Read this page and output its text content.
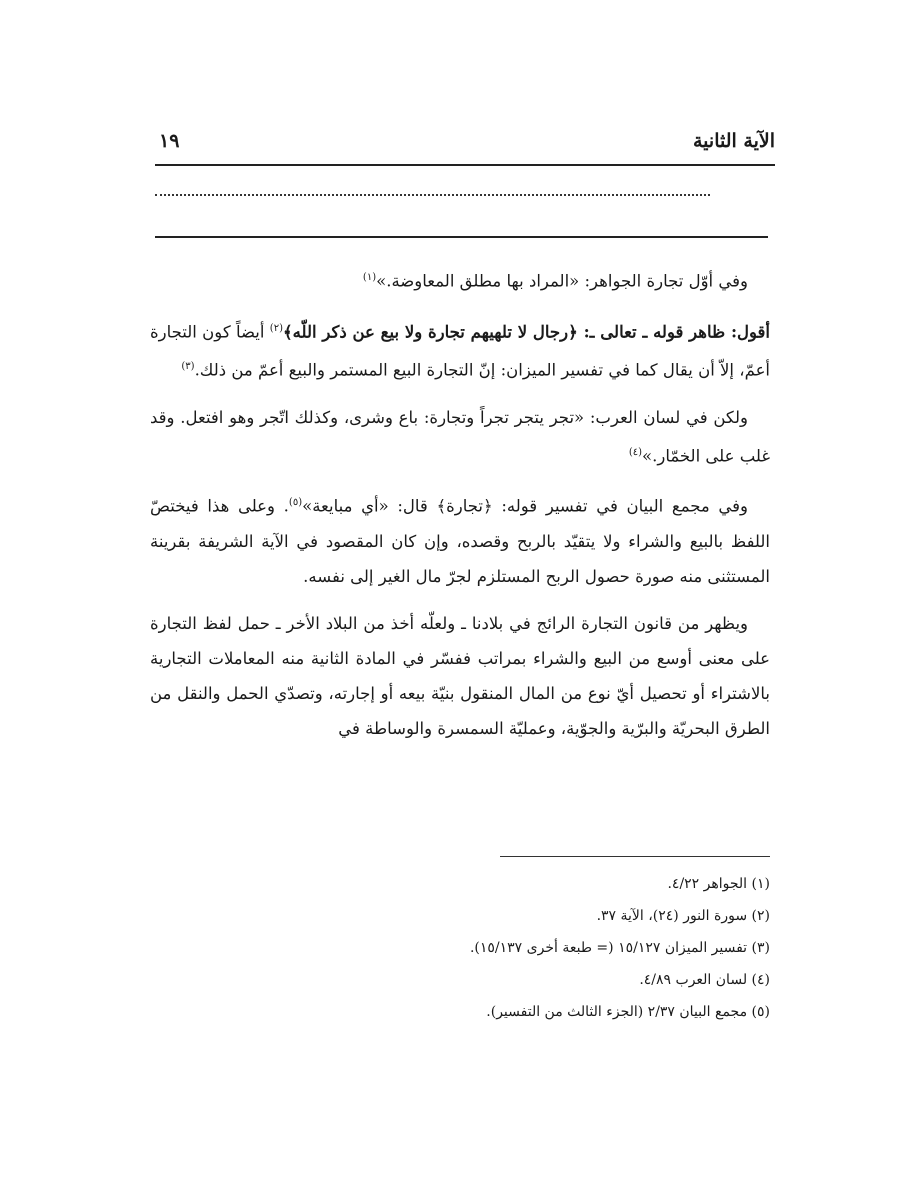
١٩	الآية الثانية

وفي أوّل تجارة الجواهر: «المراد بها مطلق المعاوضة.»$^{(١)}$

أقول: ظاهر قوله ـ تعالى ـ: ﴿رجال لا تلهيهم تجارة ولا بيع عن ذكر اللّه﴾$^{(٢)}$ أيضاً كون التجارة أعمّ، إلاّ أن يقال كما في تفسير الميزان: إنّ التجارة البيع المستمر والبيع أعمّ من ذلك.$^{(٣)}$

ولكن في لسان العرب: «تجر يتجر تجراً وتجارة: باع وشرى، وكذلك اتّجر وهو افتعل. وقد غلب على الخمّار.»$^{(٤)}$

وفي مجمع البيان في تفسير قوله: ﴿تجارة﴾ قال: «أي مبايعة»$^{(٥)}$. وعلى هذا فيختصّ اللفظ بالبيع والشراء ولا يتقيّد بالربح وقصده، وإن كان المقصود في الآية الشريفة بقرينة المستثنى منه صورة حصول الربح المستلزم لجرّ مال الغير إلى نفسه.

ويظهر من قانون التجارة الرائج في بلادنا ـ ولعلّه أخذ من البلاد الأخر ـ حمل لفظ التجارة على معنى أوسع من البيع والشراء بمراتب ففسّر في المادة الثانية منه المعاملات التجارية بالاشتراء أو تحصيل أيّ نوع من المال المنقول بنيّة بيعه أو إجارته، وتصدّي الحمل والنقل من الطرق البحريّة والبرّية والجوّية، وعمليّة السمسرة والوساطة في

(١) الجواهر ٤/٢٢.
(٢) سورة النور (٢٤)، الآية ٣٧.
(٣) تفسير الميزان ١٥/١٢٧ (= طبعة أخرى ١٥/١٣٧).
(٤) لسان العرب ٤/٨٩.
(٥) مجمع البيان ٢/٣٧ (الجزء الثالث من التفسير).
